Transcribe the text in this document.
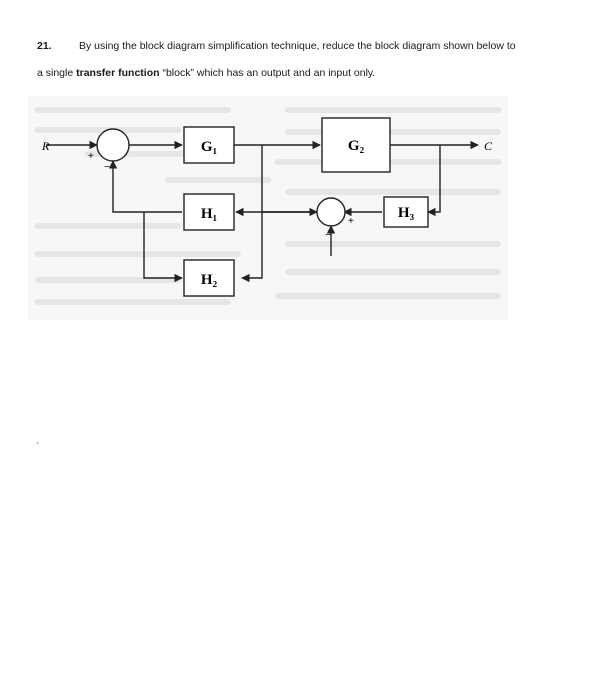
21.	By using the block diagram simplification technique, reduce the block diagram shown below to
a single transfer function “block” which has an output and an input only.
G₁	G₂
H₁
H₂
H₃
R	C
+
−
+
−
ˎ
